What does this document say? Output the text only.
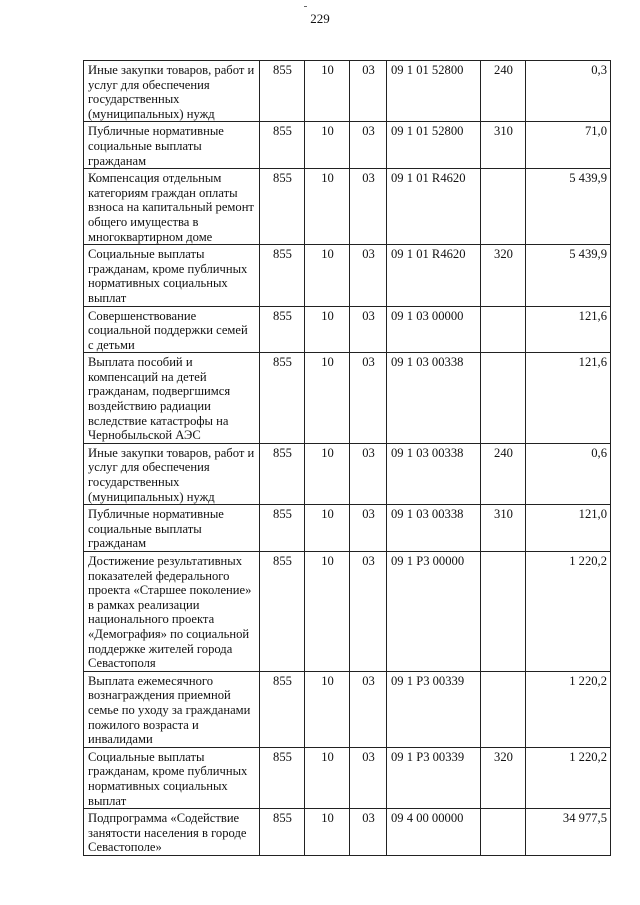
229
Иные закупки товаров, работ и услуг для обеспечения государственных (муниципальных) нужд	855	10	03	09 1 01 52800	240	0,3
Публичные нормативные социальные выплаты гражданам	855	10	03	09 1 01 52800	310	71,0
Компенсация отдельным категориям граждан оплаты взноса на капитальный ремонт общего имущества в многоквартирном доме	855	10	03	09 1 01 R4620		5 439,9
Социальные выплаты гражданам, кроме публичных нормативных социальных выплат	855	10	03	09 1 01 R4620	320	5 439,9
Совершенствование социальной поддержки семей с детьми	855	10	03	09 1 03 00000		121,6
Выплата пособий и компенсаций на детей гражданам, подвергшимся воздействию радиации вследствие катастрофы на Чернобыльской АЭС	855	10	03	09 1 03 00338		121,6
Иные закупки товаров, работ и услуг для обеспечения государственных (муниципальных) нужд	855	10	03	09 1 03 00338	240	0,6
Публичные нормативные социальные выплаты гражданам	855	10	03	09 1 03 00338	310	121,0
Достижение результативных показателей федерального проекта «Старшее поколение» в рамках реализации национального проекта «Демография» по социальной поддержке жителей города Севастополя	855	10	03	09 1 P3 00000		1 220,2
Выплата ежемесячного вознаграждения приемной семье по уходу за гражданами пожилого возраста и инвалидами	855	10	03	09 1 P3 00339		1 220,2
Социальные выплаты гражданам, кроме публичных нормативных социальных выплат	855	10	03	09 1 P3 00339	320	1 220,2
Подпрограмма «Содействие занятости населения в городе Севастополе»	855	10	03	09 4 00 00000		34 977,5
